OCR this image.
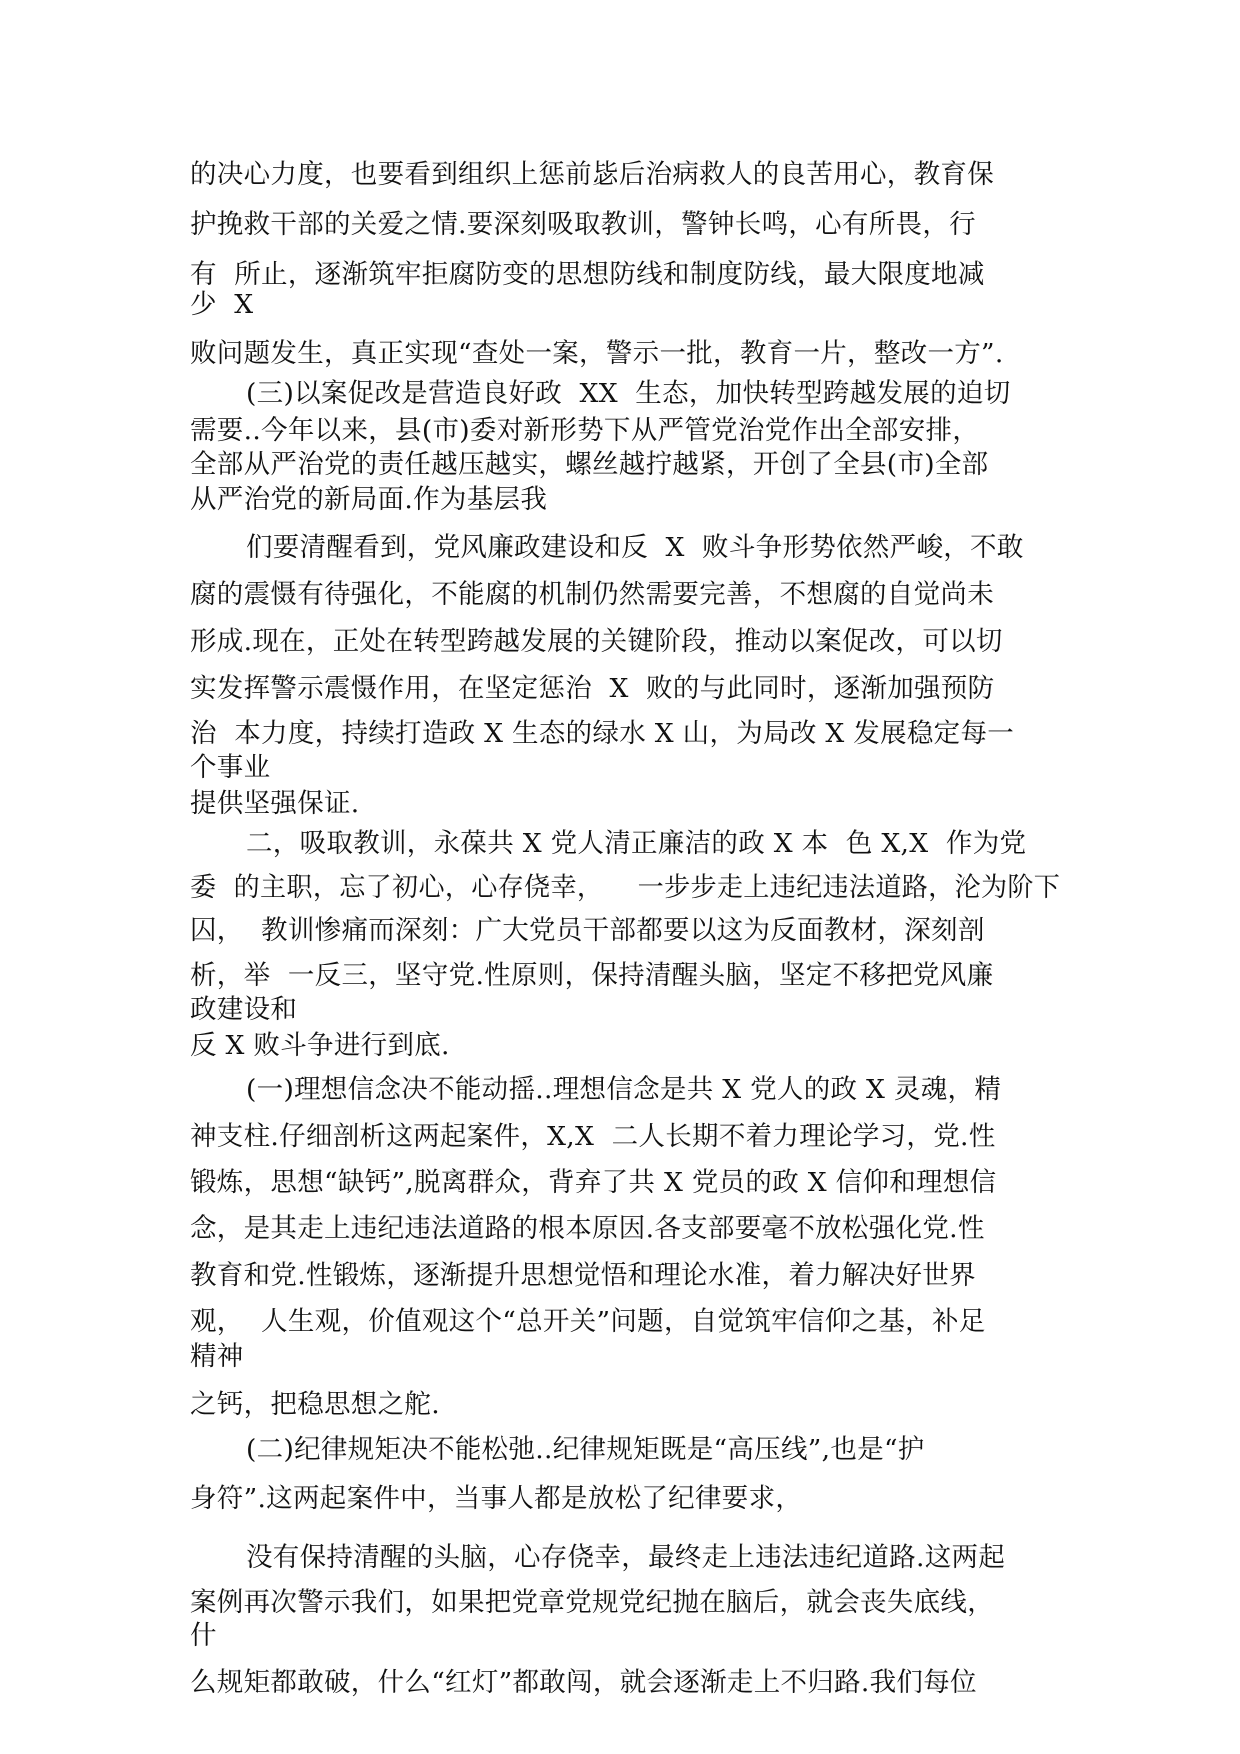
的决心力度，也要看到组织上惩前毖后治病救人的良苦用心，教育保
护挽救干部的关爱之情.要深刻吸取教训，警钟长鸣，心有所畏，行
有  所止，逐渐筑牢拒腐防变的思想防线和制度防线，最大限度地减
少  X
败问题发生，真正实现“查处一案，警示一批，教育一片，整改一方”.
(三)以案促改是营造良好政  XX  生态，加快转型跨越发展的迫切
需要..今年以来，县(市)委对新形势下从严管党治党作出全部安排，
全部从严治党的责任越压越实，螺丝越拧越紧，开创了全县(市)全部
从严治党的新局面.作为基层我
们要清醒看到，党风廉政建设和反  X  败斗争形势依然严峻，不敢
腐的震慑有待强化，不能腐的机制仍然需要完善，不想腐的自觉尚未
形成.现在，正处在转型跨越发展的关键阶段，推动以案促改，可以切
实发挥警示震慑作用，在坚定惩治  X  败的与此同时，逐渐加强预防
治  本力度，持续打造政 X 生态的绿水 X 山，为局改 X 发展稳定每一
个事业
提供坚强保证.
二，吸取教训，永葆共 X 党人清正廉洁的政 X 本  色 X,X  作为党
委  的主职，忘了初心，心存侥幸，    一步步走上违纪违法道路，沦为阶下
囚，  教训惨痛而深刻：广大党员干部都要以这为反面教材，深刻剖
析，举  一反三，坚守党.性原则，保持清醒头脑，坚定不移把党风廉
政建设和
反 X 败斗争进行到底.
(一)理想信念决不能动摇..理想信念是共 X 党人的政 X 灵魂，精
神支柱.仔细剖析这两起案件，X,X  二人长期不着力理论学习，党.性
锻炼，思想“缺钙”,脱离群众，背弃了共 X 党员的政 X 信仰和理想信
念，是其走上违纪违法道路的根本原因.各支部要毫不放松强化党.性
教育和党.性锻炼，逐渐提升思想觉悟和理论水准，着力解决好世界
观，  人生观，价值观这个“总开关”问题，自觉筑牢信仰之基，补足
精神
之钙，把稳思想之舵.
(二)纪律规矩决不能松弛..纪律规矩既是“高压线”,也是“护
身符”.这两起案件中，当事人都是放松了纪律要求，
没有保持清醒的头脑，心存侥幸，最终走上违法违纪道路.这两起
案例再次警示我们，如果把党章党规党纪抛在脑后，就会丧失底线，
什
么规矩都敢破，什么“红灯”都敢闯，就会逐渐走上不归路.我们每位
